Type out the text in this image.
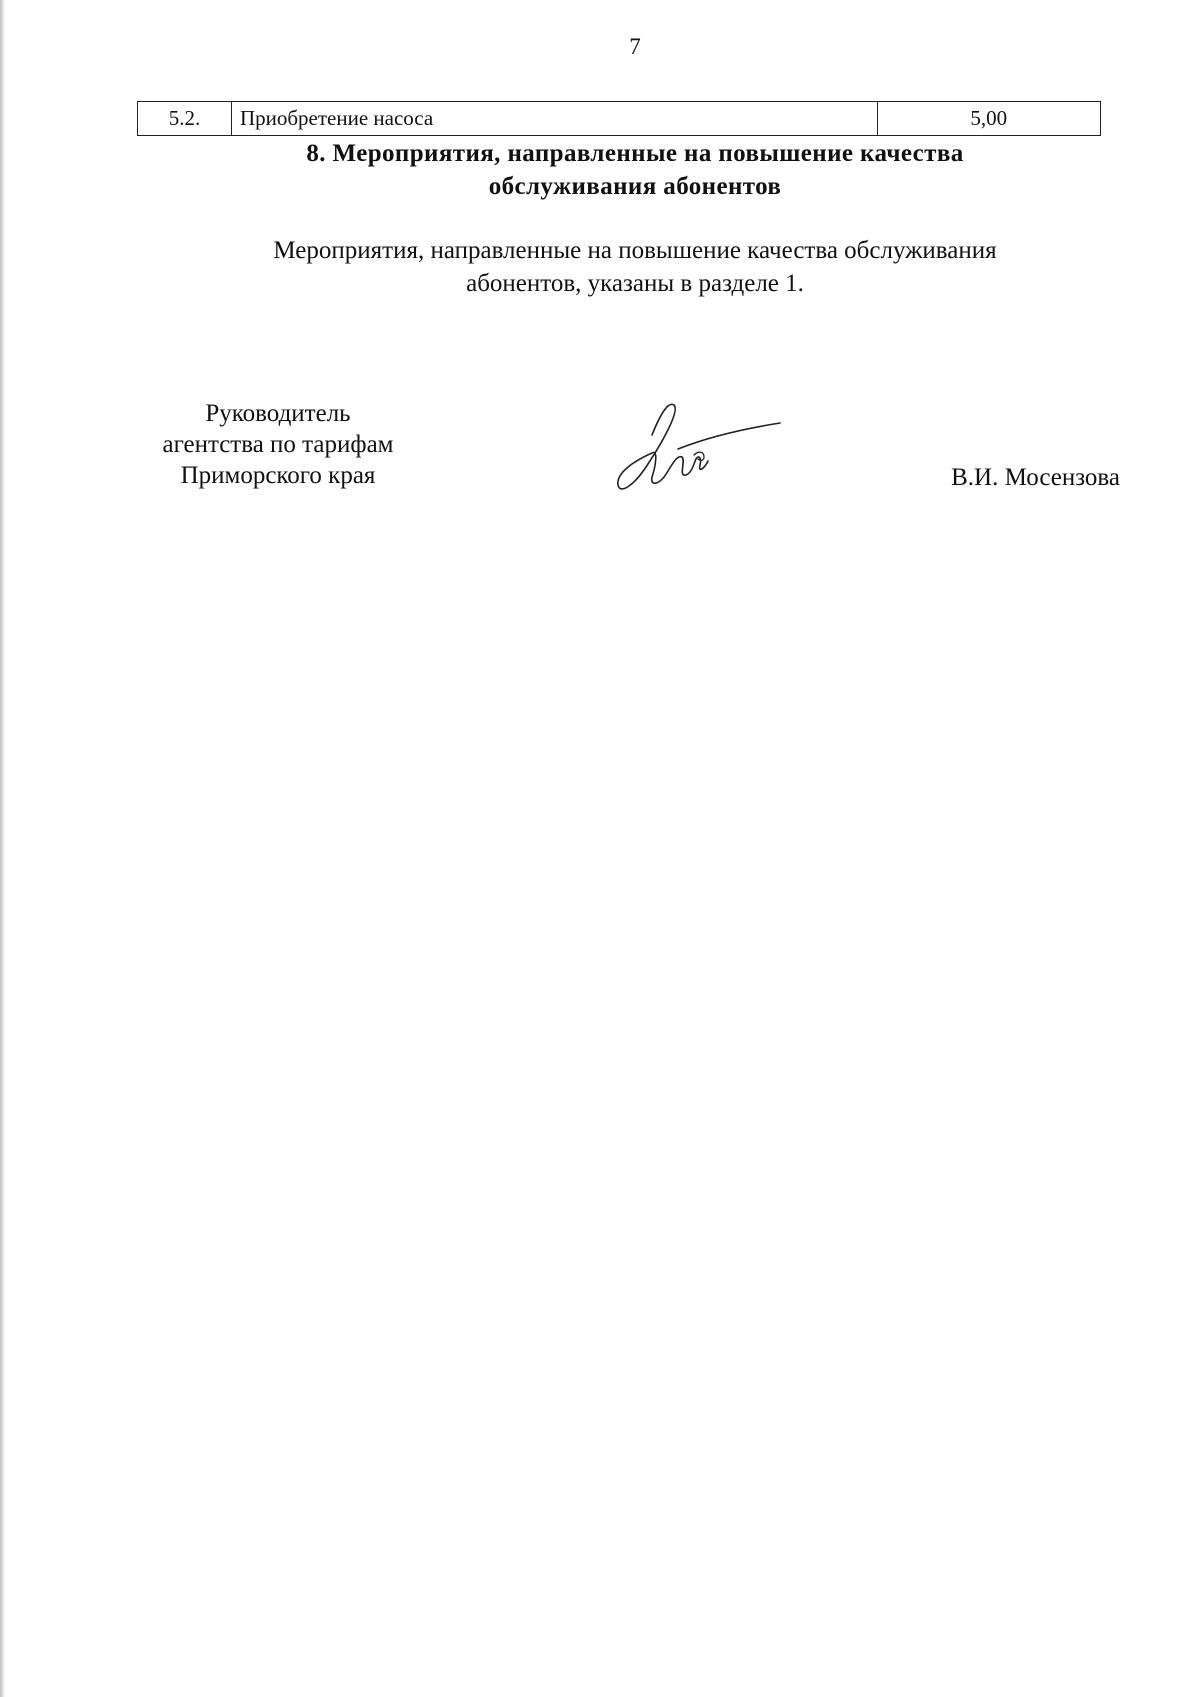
7
5.2.	Приобретение насоса	5,00
8. Мероприятия, направленные на повышение качества
обслуживания абонентов
Мероприятия, направленные на повышение качества обслуживания
абонентов, указаны в разделе 1.
Руководитель
агентства по тарифам
Приморского края	В.И. Мосензова
